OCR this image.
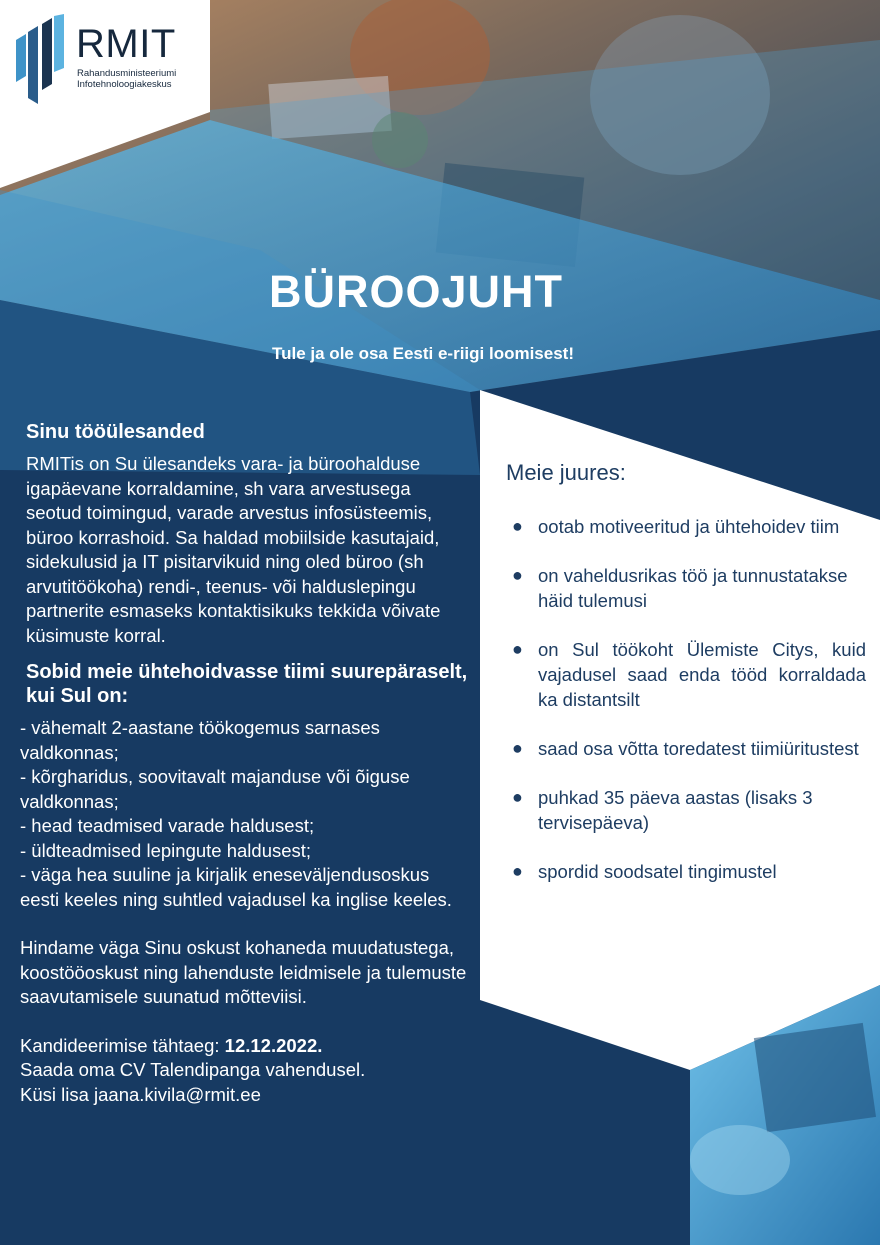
RMIT
Rahandusministeeriumi
Infotehnoloogiakeskus
BÜROOJUHT
Tule ja ole osa Eesti e-riigi loomisest!
Sinu tööülesanded
RMITis on Su ülesandeks vara- ja bürоohalduse igapäevane korraldamine, sh vara arvestusega seotud toimingud, varade arvestus infosüsteemis, büroo korrashoid. Sa haldad mobiilside kasutajaid, sidekulusid ja IT pisitarvikuid ning oled büroo (sh arvutitöökoha) rendi-, teenus- või halduslepingu partnerite esmaseks kontaktisikuks tekkida võivate küsimuste korral.
Sobid meie ühtehoidvasse tiimi suurepäraselt, kui Sul on:
- vähemalt 2-aastane töökogemus sarnases valdkonnas;
- kõrgharidus, soovitavalt majanduse või õiguse valdkonnas;
- head teadmised varade haldusest;
- üldteadmised lepingute haldusest;
- väga hea suuline ja kirjalik eneseväljendusoskus eesti keeles ning suhtled vajadusel ka inglise keeles.
Hindame väga Sinu oskust kohaneda muudatustega, koostööoskust ning lahenduste leidmisele ja tulemuste saavutamisele suunatud mõtteviisi.
Kandideerimise tähtaeg: 12.12.2022.
Saada oma CV Talendipanga vahendusel.
Küsi lisa jaana.kivila@rmit.ee
Meie juures:
● ootab motiveeritud ja ühtehoidev tiim
● on vaheldusrikas töö ja tunnustatakse häid tulemusi
● on Sul töökoht Ülemiste Citys, kuid vajadusel saad enda tööd korraldada ka distantsilt
● saad osa võtta toredatest tiimiüritustest
● puhkad 35 päeva aastas (lisaks 3 tervisepäeva)
● spordid soodsatel tingimustel
